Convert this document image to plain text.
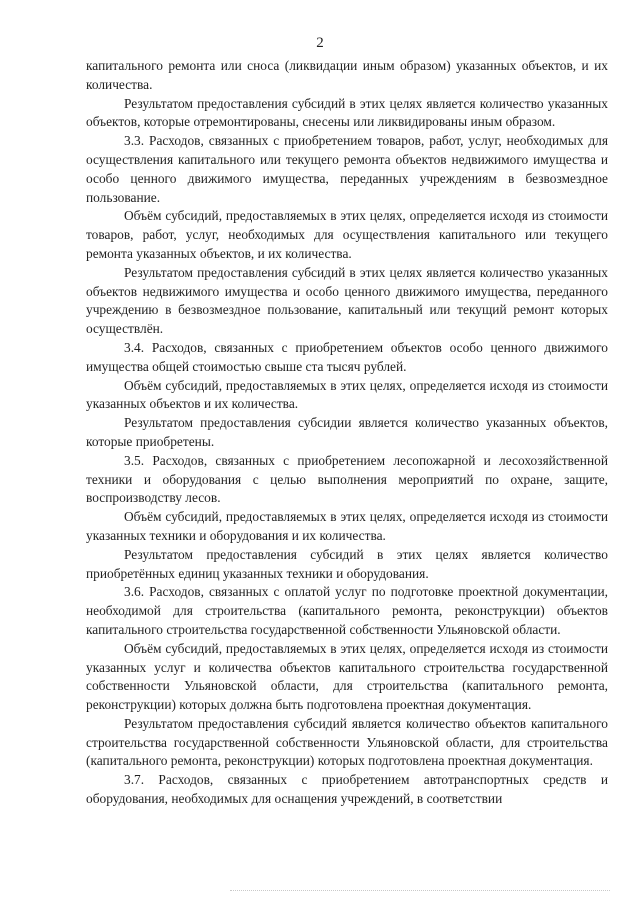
2

капитального ремонта или сноса (ликвидации иным образом) указанных объектов, и их количества.

Результатом предоставления субсидий в этих целях является количество указанных объектов, которые отремонтированы, снесены или ликвидированы иным образом.

3.3. Расходов, связанных с приобретением товаров, работ, услуг, необходимых для осуществления капитального или текущего ремонта объектов недвижимого имущества и особо ценного движимого имущества, переданных учреждениям в безвозмездное пользование.

Объём субсидий, предоставляемых в этих целях, определяется исходя из стоимости товаров, работ, услуг, необходимых для осуществления капитального или текущего ремонта указанных объектов, и их количества.

Результатом предоставления субсидий в этих целях является количество указанных объектов недвижимого имущества и особо ценного движимого имущества, переданного учреждению в безвозмездное пользование, капитальный или текущий ремонт которых осуществлён.

3.4. Расходов, связанных с приобретением объектов особо ценного движимого имущества общей стоимостью свыше ста тысяч рублей.

Объём субсидий, предоставляемых в этих целях, определяется исходя из стоимости указанных объектов и их количества.

Результатом предоставления субсидии является количество указанных объектов, которые приобретены.

3.5. Расходов, связанных с приобретением лесопожарной и лесохозяйственной техники и оборудования с целью выполнения мероприятий по охране, защите, воспроизводству лесов.

Объём субсидий, предоставляемых в этих целях, определяется исходя из стоимости указанных техники и оборудования и их количества.

Результатом предоставления субсидий в этих целях является количество приобретённых единиц указанных техники и оборудования.

3.6. Расходов, связанных с оплатой услуг по подготовке проектной документации, необходимой для строительства (капитального ремонта, реконструкции) объектов капитального строительства государственной собственности Ульяновской области.

Объём субсидий, предоставляемых в этих целях, определяется исходя из стоимости указанных услуг и количества объектов капитального строительства государственной собственности Ульяновской области, для строительства (капитального ремонта, реконструкции) которых должна быть подготовлена проектная документация.

Результатом предоставления субсидий является количество объектов капитального строительства государственной собственности Ульяновской области, для строительства (капитального ремонта, реконструкции) которых подготовлена проектная документация.

3.7. Расходов, связанных с приобретением автотранспортных средств и оборудования, необходимых для оснащения учреждений, в соответствии
